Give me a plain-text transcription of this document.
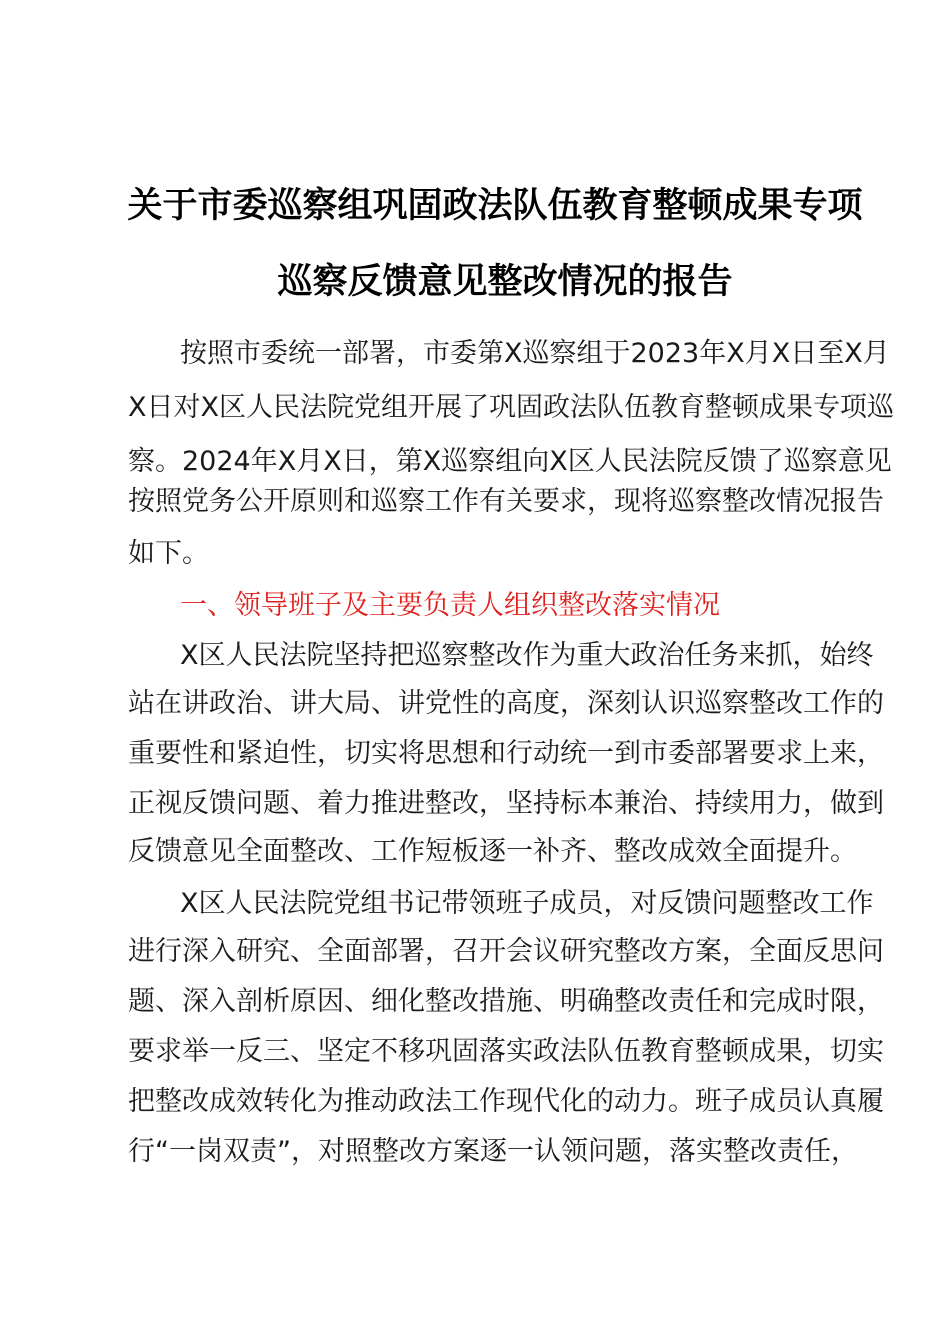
关于市委巡察组巩固政法队伍教育整顿成果专项
巡察反馈意见整改情况的报告
按照市委统一部署，市委第X巡察组于2023年X月X日至X月
X日对X区人民法院党组开展了巩固政法队伍教育整顿成果专项巡
察。2024年X月X日，第X巡察组向X区人民法院反馈了巡察意见
按照党务公开原则和巡察工作有关要求，现将巡察整改情况报告
如下。
一、领导班子及主要负责人组织整改落实情况
X区人民法院坚持把巡察整改作为重大政治任务来抓，始终
站在讲政治、讲大局、讲党性的高度，深刻认识巡察整改工作的
重要性和紧迫性，切实将思想和行动统一到市委部署要求上来，
正视反馈问题、着力推进整改，坚持标本兼治、持续用力，做到
反馈意见全面整改、工作短板逐一补齐、整改成效全面提升。
X区人民法院党组书记带领班子成员，对反馈问题整改工作
进行深入研究、全面部署，召开会议研究整改方案，全面反思问
题、深入剖析原因、细化整改措施、明确整改责任和完成时限，
要求举一反三、坚定不移巩固落实政法队伍教育整顿成果，切实
把整改成效转化为推动政法工作现代化的动力。班子成员认真履
行“一岗双责”，对照整改方案逐一认领问题，落实整改责任，
